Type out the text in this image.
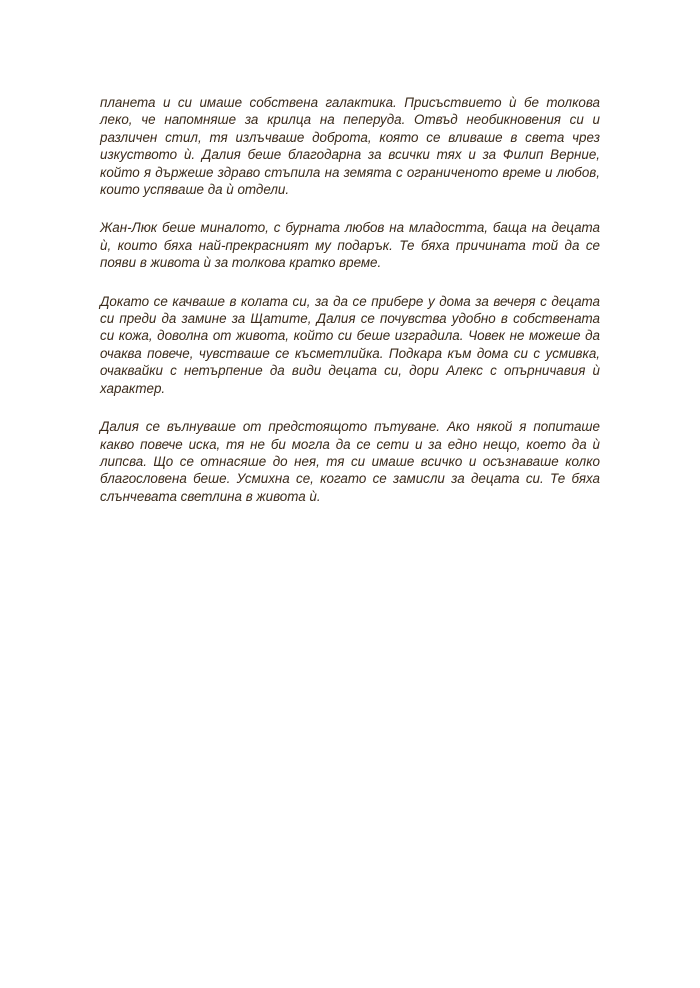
планета и си имаше собствена галактика. Присъствието ѝ бе толкова леко, че напомняше за крилца на пеперуда. Отвъд необикновения си и различен стил, тя излъчваше доброта, която се вливаше в света чрез изкуството ѝ. Далия беше благодарна за всички тях и за Филип Верние, който я държеше здраво стъпила на земята с ограниченото време и любов, които успяваше да ѝ отдели.

Жан-Люк беше миналото, с бурната любов на младостта, баща на децата ѝ, които бяха най-прекрасният му подарък. Те бяха причината той да се появи в живота ѝ за толкова кратко време.

Докато се качваше в колата си, за да се прибере у дома за вечеря с децата си преди да замине за Щатите, Далия се почувства удобно в собствената си кожа, доволна от живота, който си беше изградила. Човек не можеше да очаква повече, чувстваше се късметлийка. Подкара към дома си с усмивка, очаквайки с нетърпение да види децата си, дори Алекс с опърничавия ѝ характер.

Далия се вълнуваше от предстоящото пътуване. Ако някой я попиташе какво повече иска, тя не би могла да се сети и за едно нещо, което да ѝ липсва. Що се отнасяше до нея, тя си имаше всичко и осъзнаваше колко благословена беше. Усмихна се, когато се замисли за децата си. Те бяха слънчевата светлина в живота ѝ.
